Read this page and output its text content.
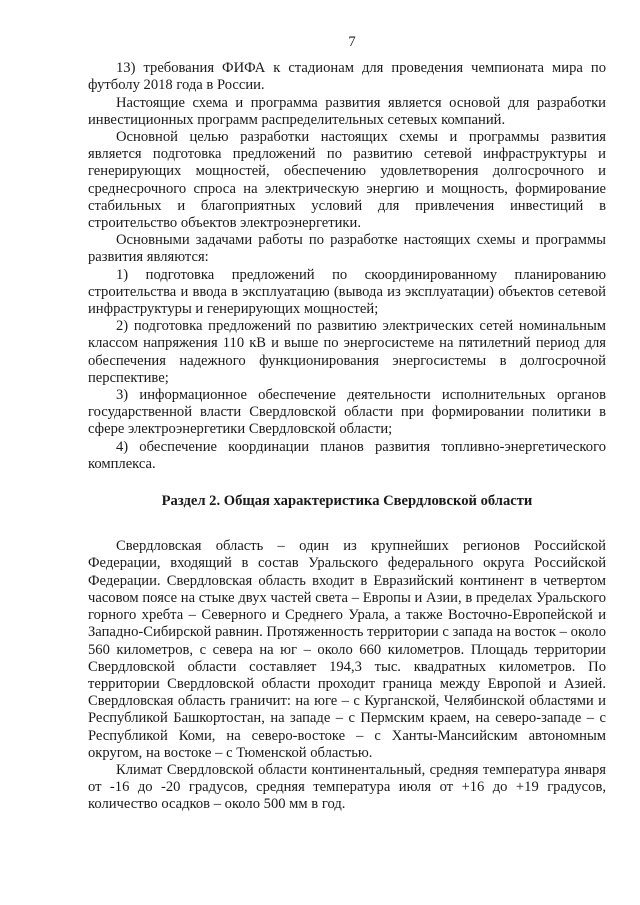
7

13) требования ФИФА к стадионам для проведения чемпионата мира по футболу 2018 года в России.

Настоящие схема и программа развития является основой для разработки инвестиционных программ распределительных сетевых компаний.

Основной целью разработки настоящих схемы и программы развития является подготовка предложений по развитию сетевой инфраструктуры и генерирующих мощностей, обеспечению удовлетворения долгосрочного и среднесрочного спроса на электрическую энергию и мощность, формирование стабильных и благоприятных условий для привлечения инвестиций в строительство объектов электроэнергетики.

Основными задачами работы по разработке настоящих схемы и программы развития являются:

1) подготовка предложений по скоординированному планированию строительства и ввода в эксплуатацию (вывода из эксплуатации) объектов сетевой инфраструктуры и генерирующих мощностей;

2) подготовка предложений по развитию электрических сетей номинальным классом напряжения 110 кВ и выше по энергосистеме на пятилетний период для обеспечения надежного функционирования энергосистемы в долгосрочной перспективе;

3) информационное обеспечение деятельности исполнительных органов государственной власти Свердловской области при формировании политики в сфере электроэнергетики Свердловской области;

4) обеспечение координации планов развития топливно-энергетического комплекса.

Раздел 2. Общая характеристика Свердловской области

Свердловская область – один из крупнейших регионов Российской Федерации, входящий в состав Уральского федерального округа Российской Федерации. Свердловская область входит в Евразийский континент в четвертом часовом поясе на стыке двух частей света – Европы и Азии, в пределах Уральского горного хребта – Северного и Среднего Урала, а также Восточно-Европейской и Западно-Сибирской равнин. Протяженность территории с запада на восток – около 560 километров, с севера на юг – около 660 километров. Площадь территории Свердловской области составляет 194,3 тыс. квадратных километров. По территории Свердловской области проходит граница между Европой и Азией. Свердловская область граничит: на юге – с Курганской, Челябинской областями и Республикой Башкортостан, на западе – с Пермским краем, на северо-западе – с Республикой Коми, на северо-востоке – с Ханты-Мансийским автономным округом, на востоке – с Тюменской областью.

Климат Свердловской области континентальный, средняя температура января от -16 до -20 градусов, средняя температура июля от +16 до +19 градусов, количество осадков – около 500 мм в год.
